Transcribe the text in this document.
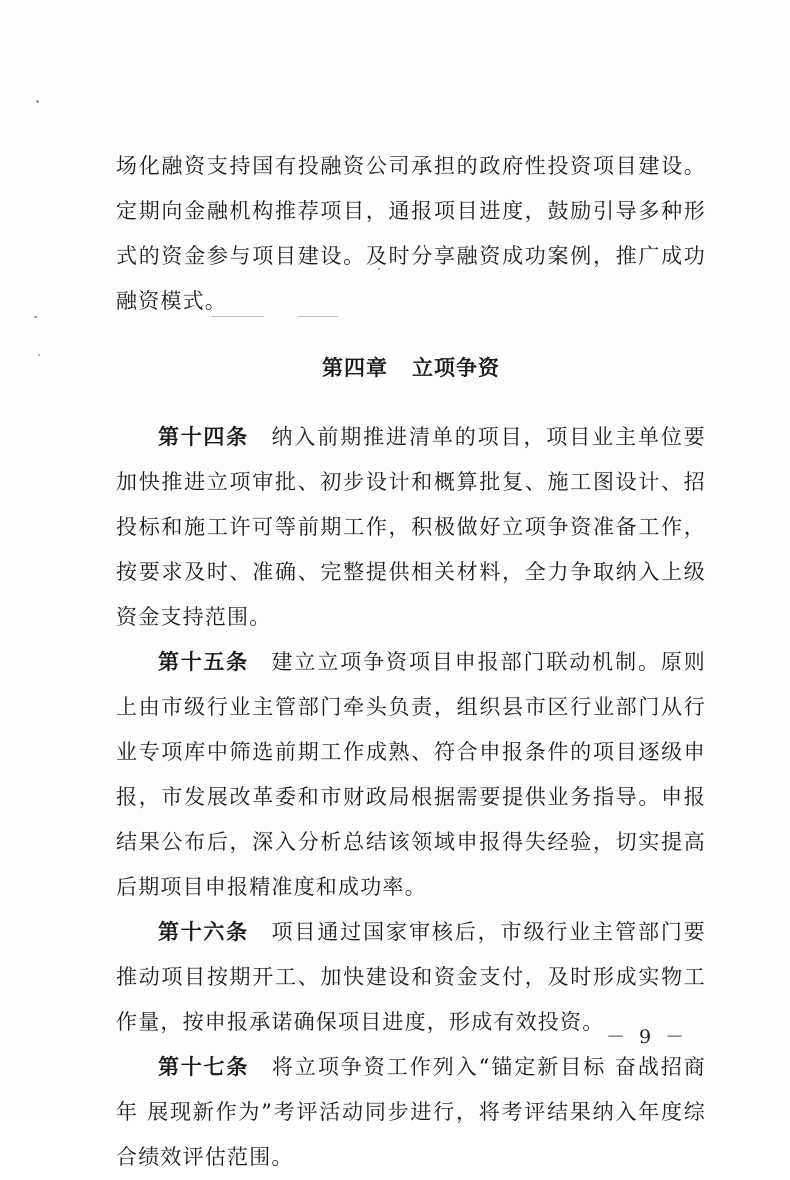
场化融资支持国有投融资公司承担的政府性投资项目建设。定期向金融机构推荐项目，通报项目进度，鼓励引导多种形式的资金参与项目建设。及时分享融资成功案例，推广成功融资模式。

第四章 立项争资

第十四条 纳入前期推进清单的项目，项目业主单位要加快推进立项审批、初步设计和概算批复、施工图设计、招投标和施工许可等前期工作，积极做好立项争资准备工作，按要求及时、准确、完整提供相关材料，全力争取纳入上级资金支持范围。

第十五条 建立立项争资项目申报部门联动机制。原则上由市级行业主管部门牵头负责，组织县市区行业部门从行业专项库中筛选前期工作成熟、符合申报条件的项目逐级申报，市发展改革委和市财政局根据需要提供业务指导。申报结果公布后，深入分析总结该领域申报得失经验，切实提高后期项目申报精准度和成功率。

第十六条 项目通过国家审核后，市级行业主管部门要推动项目按期开工、加快建设和资金支付，及时形成实物工作量，按申报承诺确保项目进度，形成有效投资。

第十七条 将立项争资工作列入“锚定新目标 奋战招商年 展现新作为”考评活动同步进行，将考评结果纳入年度综合绩效评估范围。

－ 9 －
